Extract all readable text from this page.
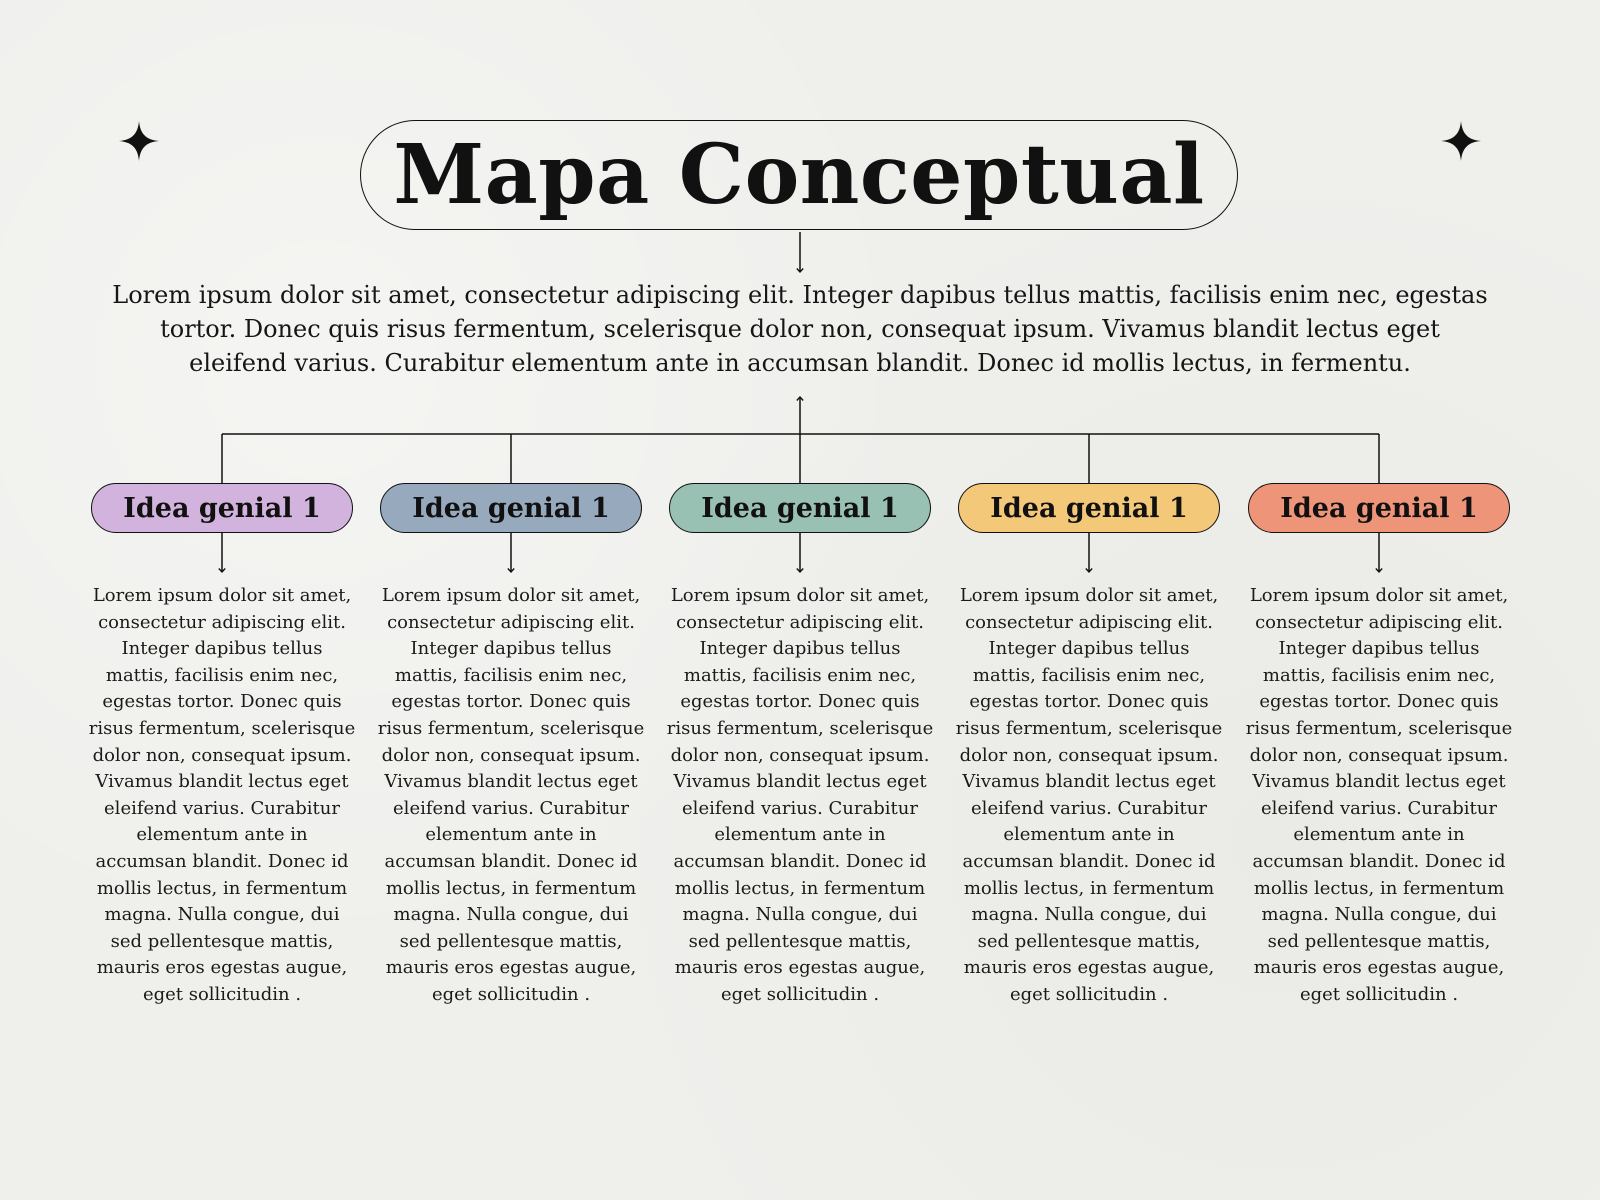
Mapa Conceptual
Lorem ipsum dolor sit amet, consectetur adipiscing elit. Integer dapibus tellus mattis, facilisis enim nec, egestas tortor. Donec quis risus fermentum, scelerisque dolor non, consequat ipsum. Vivamus blandit lectus eget eleifend varius. Curabitur elementum ante in accumsan blandit. Donec id mollis lectus, in fermentu.
Idea genial 1	Idea genial 1	Idea genial 1	Idea genial 1	Idea genial 1
Lorem ipsum dolor sit amet, consectetur adipiscing elit. Integer dapibus tellus mattis, facilisis enim nec, egestas tortor. Donec quis risus fermentum, scelerisque dolor non, consequat ipsum. Vivamus blandit lectus eget eleifend varius. Curabitur elementum ante in accumsan blandit. Donec id mollis lectus, in fermentum magna. Nulla congue, dui sed pellentesque mattis, mauris eros egestas augue, eget sollicitudin .
Lorem ipsum dolor sit amet, consectetur adipiscing elit. Integer dapibus tellus mattis, facilisis enim nec, egestas tortor. Donec quis risus fermentum, scelerisque dolor non, consequat ipsum. Vivamus blandit lectus eget eleifend varius. Curabitur elementum ante in accumsan blandit. Donec id mollis lectus, in fermentum magna. Nulla congue, dui sed pellentesque mattis, mauris eros egestas augue, eget sollicitudin .
Lorem ipsum dolor sit amet, consectetur adipiscing elit. Integer dapibus tellus mattis, facilisis enim nec, egestas tortor. Donec quis risus fermentum, scelerisque dolor non, consequat ipsum. Vivamus blandit lectus eget eleifend varius. Curabitur elementum ante in accumsan blandit. Donec id mollis lectus, in fermentum magna. Nulla congue, dui sed pellentesque mattis, mauris eros egestas augue, eget sollicitudin .
Lorem ipsum dolor sit amet, consectetur adipiscing elit. Integer dapibus tellus mattis, facilisis enim nec, egestas tortor. Donec quis risus fermentum, scelerisque dolor non, consequat ipsum. Vivamus blandit lectus eget eleifend varius. Curabitur elementum ante in accumsan blandit. Donec id mollis lectus, in fermentum magna. Nulla congue, dui sed pellentesque mattis, mauris eros egestas augue, eget sollicitudin .
Lorem ipsum dolor sit amet, consectetur adipiscing elit. Integer dapibus tellus mattis, facilisis enim nec, egestas tortor. Donec quis risus fermentum, scelerisque dolor non, consequat ipsum. Vivamus blandit lectus eget eleifend varius. Curabitur elementum ante in accumsan blandit. Donec id mollis lectus, in fermentum magna. Nulla congue, dui sed pellentesque mattis, mauris eros egestas augue, eget sollicitudin .
